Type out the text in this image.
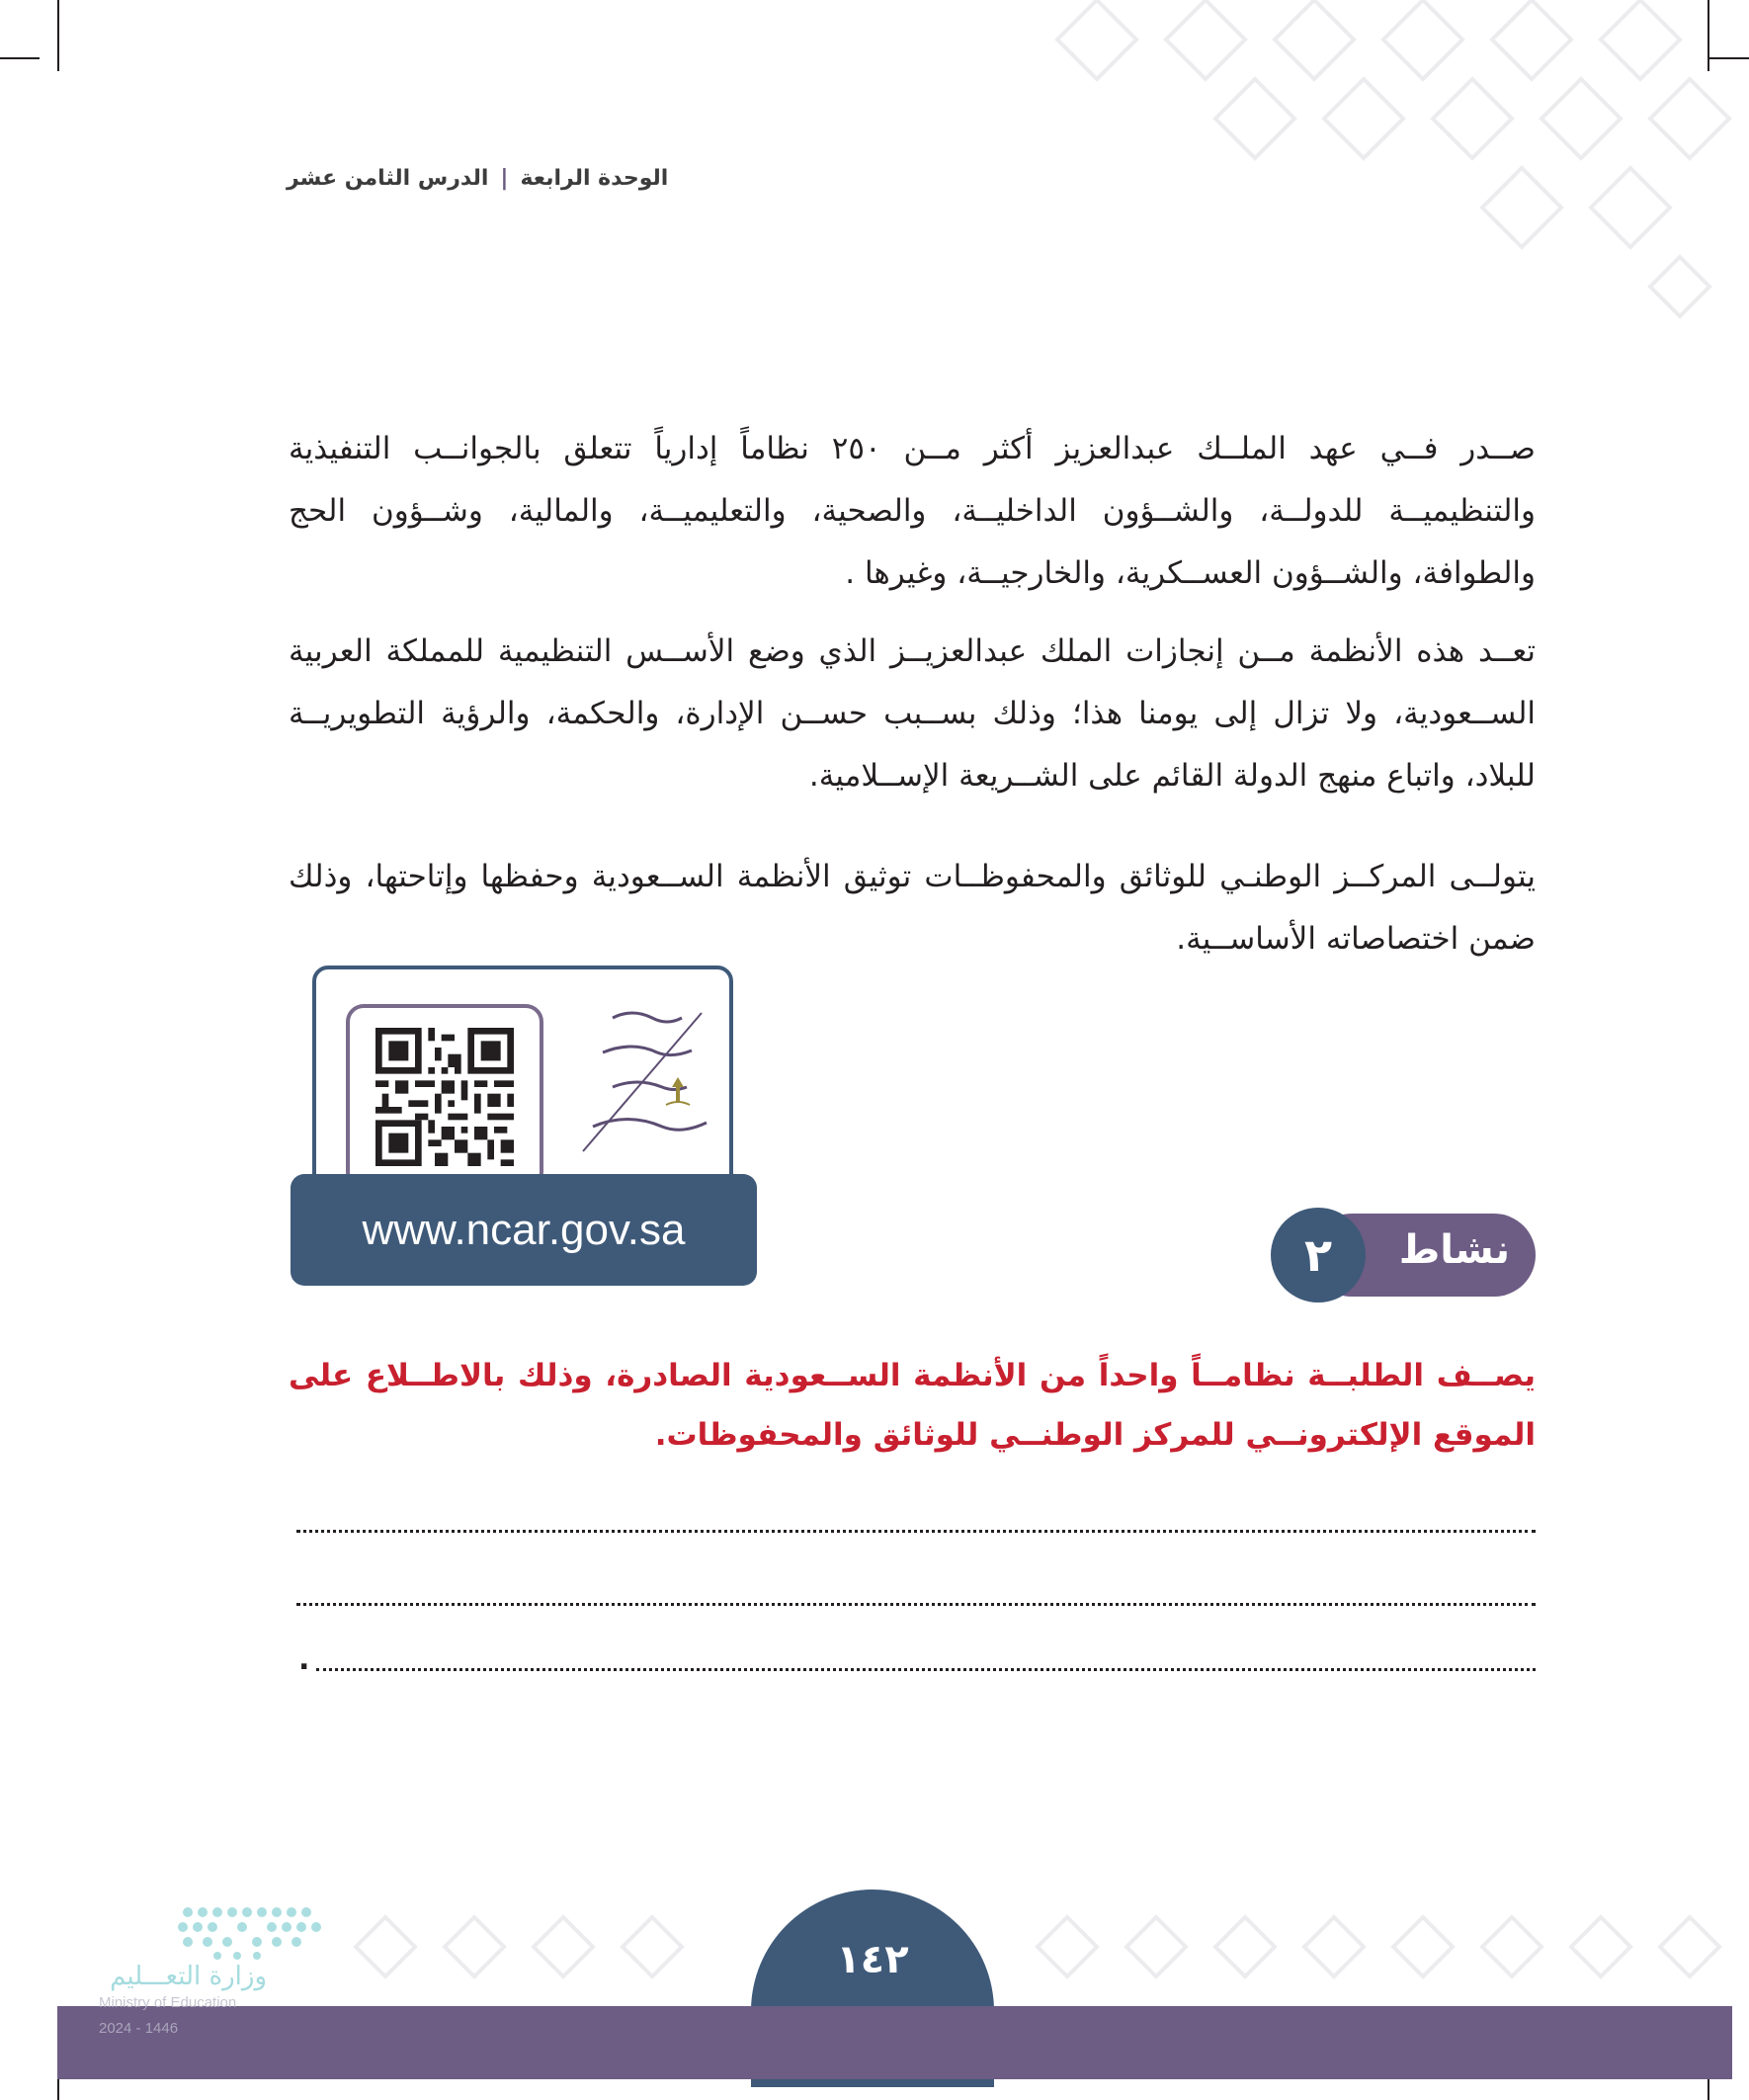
الوحدة الرابعة
|
الدرس الثامن عشر
صــدر فــي عهد الملــك عبدالعزيز أكثر مــن ٢٥٠ نظاماً إدارياً تتعلق بالجوانــب التنفيذية والتنظيميــة للدولــة، والشــؤون الداخليــة، والصحية، والتعليميــة، والمالية، وشــؤون الحج والطوافة، والشــؤون العســكرية، والخارجيــة، وغيرها .
تعــد هذه الأنظمة مــن إنجازات الملك عبدالعزيــز الذي وضع الأســس التنظيمية للمملكة العربية الســعودية، ولا تزال إلى يومنا هذا؛ وذلك بســبب حســن الإدارة، والحكمة، والرؤية التطويريــة للبلاد، واتباع منهج الدولة القائم على الشــريعة الإســلامية.
يتولــى المركــز الوطنـي للوثائق والمحفوظــات توثيق الأنظمة الســعودية وحفظها وإتاحتها، وذلك ضمن اختصاصاته الأساســية.
www.ncar.gov.sa	نشاط
٢
يصــف الطلبــة نظامــاً واحداً من الأنظمة الســعودية الصادرة، وذلك بالاطــلاع على الموقع الإلكترونــي للمركز الوطنــي للوثائق والمحفوظات.
.
١٤٢
وزارة التعـــليم
Ministry of Education
2024 - 1446
